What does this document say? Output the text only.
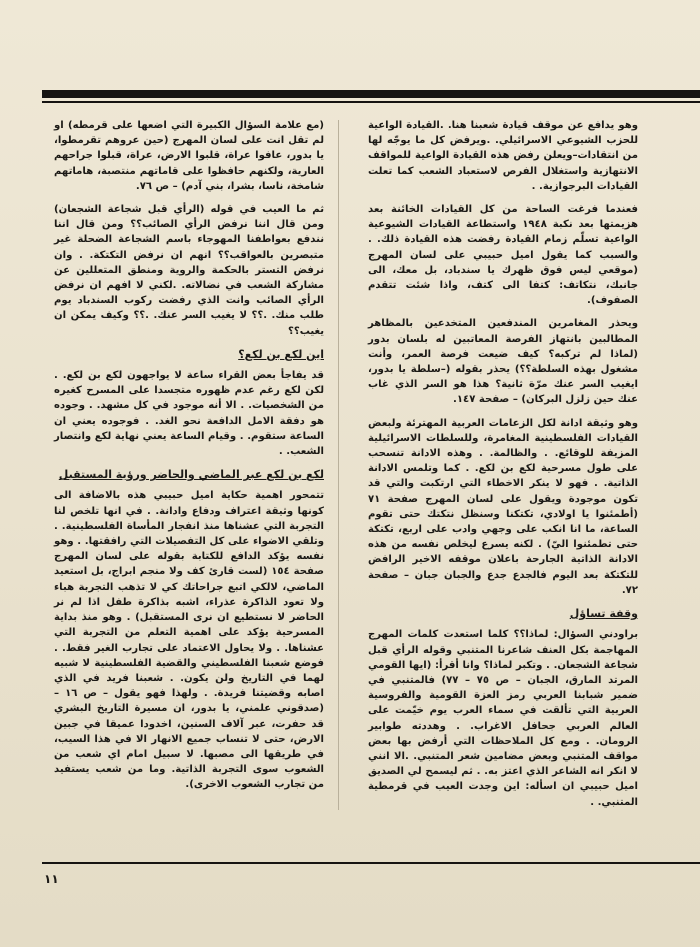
وهو يدافع عن موقف قيادة شعبنا هنا. .القيادة الواعية للحزب الشيوعي الاسرائيلي. .ويرفض كل ما يوجّه لها من انتقادات–ويعلن رفض هذه القيادة الواعية للمواقف الانتهازية واستغلال الفرص لاستعباد الشعب كما تعلت القيادات البرجوازية. .

فعندما فرغت الساحة من كل القيادات الخائنة بعد هزيمتها بعد نكبة ١٩٤٨ واستطاعة القيادات الشيوعية الواعية تسلّم زمام القيادة رفضت هذه القيادة ذلك. . والسبب كما يقول اميل حبيبي على لسان المهرج (موقعي ليس فوق ظهرك يا سندباد، بل معك، الى جانبك، نتكاتف: كتفا الى كتف، واذا شئت تتقدم الصفوف).

ويحذر المغامرين المندفعين المتخدعين بالمظاهر المطالبين بانتهاز الفرصة المعاتبين له بلسان بدور (لماذا لم تركبه؟ كيف ضيعت فرصة العمر، وأنت مشغول بهذه السلطة؟؟) يحذر بقوله (–سلطة يا بدور، ايغيب السر عنك مرّة ثانية؟ هذا هو السر الذي غاب عنك حين زلزل البركان) – صفحة ١٤٧.

وهو وثيقة ادانة لكل الزعامات العربية المهترئة ولبعض القيادات الفلسطينية المغامرة، وللسلطات الاسرائيلية المزيفة للوقائع. . والظالمة. . وهذه الادانة تنسحب على طول مسرحية لكع بن لكع. . كما وتلمس الادانة الذاتية. . فهو لا ينكر الاخطاء التي ارتكبت والتي قد تكون موجودة ويقول على لسان المهرج صفحة ٧١ (أطمئنوا يا اولادي، تكتكنا وسنظل نتكتك حتى تقوم الساعة، ما انا انكب على وجهي وادب على اربع، تكتكة حتى تطمئنوا اليّ) . لكنه يسرع ليخلص نفسه من هذه الادانة الذاتية الجارحة باعلان موقفه الاخير الرافض للتكتكة بعد اليوم فالجدع جدع والجبان جبان – صفحة ٧٢.

وقفة تساؤل

براودني السؤال: لماذا؟؟ كلما استعدت كلمات المهرج المهاجمة بكل العنف شاعرنا المتنبي وقوله الرأي قبل شجاعة الشجعان. . وتكبر لماذا؟ وانا أقرأ: (ايها القومي المرتد المارق، الجبان – ص ٧٥ – ٧٧) فالمتنبي في ضمير شبابنا العربي رمز العزة القومية والفروسية العربية التي تألقت في سماء العرب يوم خيّمت على العالم العربي جحافل الاغراب. . وهددته طوابير الرومان. . ومع كل الملاحظات التي أرفض بها بعض مواقف المتنبي وبعض مضامين شعر المتنبي. .الا انني لا انكر انه الشاعر الذي اعتز به. . ثم ليسمح لي الصديق اميل حبيبي ان اسأله: اين وجدت العيب في قرمطية المتنبي. .

(مع علامة السؤال الكبيرة التي اضعها على قرمطه) او لم تقل انت على لسان المهرج (حين عروهم تقرمطوا، يا بدور، عافوا عراة، قلبوا الارض، عراة، قبلوا جراحهم العارية، ولكنهم حافظوا على قاماتهم منتصبة، هاماتهم شامخة، ناسا، بشرا، بني آدم) – ص ٧٦.

ثم ما العيب في قوله (الرأي قبل شجاعة الشجعان) ومن قال اننا نرفض الرأي الصائب؟؟ ومن قال اننا نندفع بعواطفنا المهوجاء باسم الشجاعة الضحلة غير متبصرين بالعواقب؟؟ انهم ان نرفض التكتكة. . وان نرفض التستر بالحكمة والروية ومنطق المتعللين عن مشاركة الشعب في نضالاته. .لكني لا افهم ان نرفض الرأي الصائب وانت الذي رفضت ركوب السندباد يوم طلب منك. .؟؟ لا يغيب السر عنك. .؟؟ وكيف يمكن ان يغيب؟؟

اين لكع بن لكع؟

قد يفاجأ بعض القراء ساعة لا يواجهون لكع بن لكع. . لكن لكع رغم عدم ظهوره متجسدا على المسرح كغيره من الشخصيات. . الا أنه موجود في كل مشهد. . وجوده هو دفقة الامل الدافعة نحو الغد. . فوجوده يعني ان الساعة ستقوم. . وقيام الساعة يعني نهاية لكع وانتصار الشعب. .

لكع بن لكع عبر الماضي والحاضر ورؤية المستقبل

تتمحور اهمية حكاية اميل حبيبي هذه بالاضافة الى كونها وثيقة اعتراف ودفاع وادانة. . في انها تلخص لنا التجربة التي عشناها منذ انفجار المأساة الفلسطينية. . وتلقي الاضواء على كل التفصيلات التي رافقتها. . وهو نفسه يؤكد الدافع للكتابة بقوله على لسان المهرج صفحة ١٥٤ (لست قارئ كف ولا منجم ابراج، بل استعيد الماضي، لالكي اتبع جراحاتك كي لا تذهب التجربة هباء ولا تعود الذاكرة عذراء، اشبه بذاكرة طفل اذا لم نر الحاضر لا نستطيع ان نرى المستقبل) . وهو منذ بداية المسرحية يؤكد على اهمية التعلم من التجربة التي عشناها. . ولا يحاول الاعتماد على تجارب الغير فقط. . فوضع شعبنا الفلسطيني والقضية الفلسطينية لا شبيه لهما في التاريخ ولن يكون. . شعبنا فريد في الذي اصابه وقضيتنا فريدة. . ولهذا فهو يقول – ص ١٦ – (صدقوني علمني، يا بدور، ان مسيرة التاريخ البشري قد حفرت، عبر آلاف السنين، اخدودا عميقا في جبين الارض، حتى لا تنساب جميع الانهار الا في هذا السيب، في طريقها الى مصبها. لا سبيل امام اي شعب من الشعوب سوى التجربة الذاتية. وما من شعب يستفيد من تجارب الشعوب الاخرى).

١١
